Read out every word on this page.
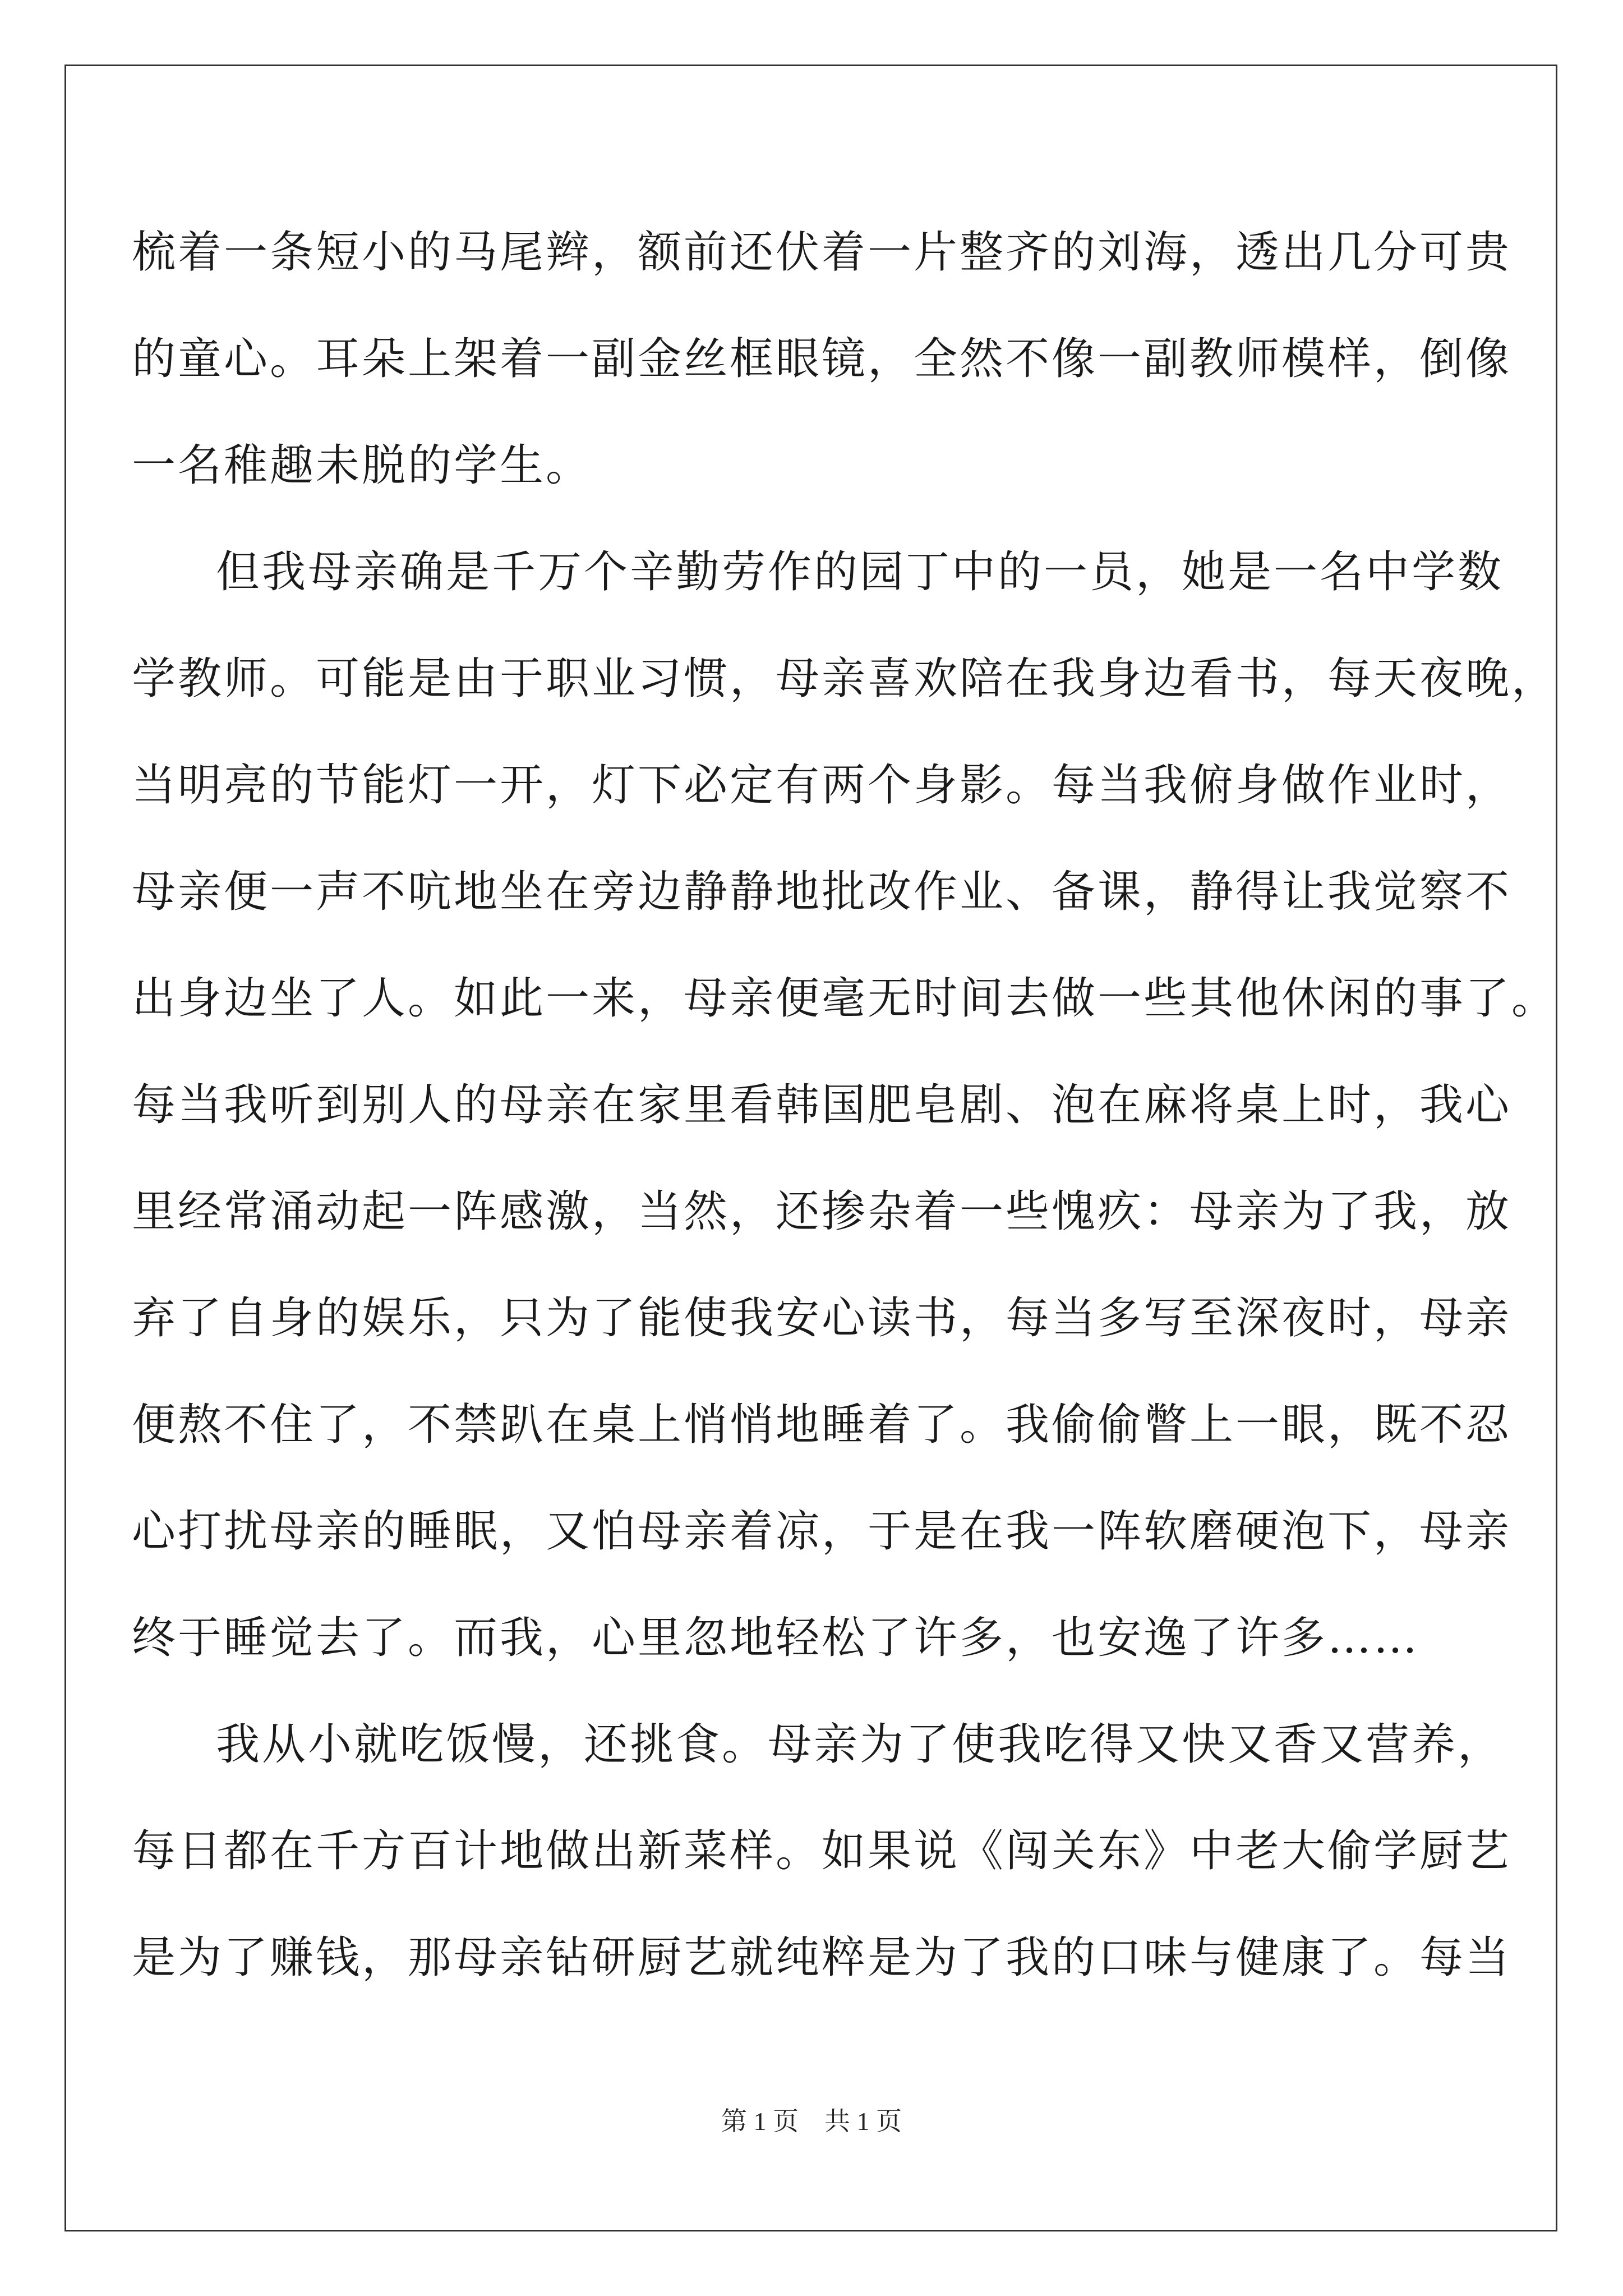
梳着一条短小的马尾辫，额前还伏着一片整齐的刘海，透出几分可贵
的童心。耳朵上架着一副金丝框眼镜，全然不像一副教师模样，倒像
一名稚趣未脱的学生。
但我母亲确是千万个辛勤劳作的园丁中的一员，她是一名中学数
学教师。可能是由于职业习惯，母亲喜欢陪在我身边看书，每天夜晚，
当明亮的节能灯一开，灯下必定有两个身影。每当我俯身做作业时，
母亲便一声不吭地坐在旁边静静地批改作业、备课，静得让我觉察不
出身边坐了人。如此一来，母亲便毫无时间去做一些其他休闲的事了。
每当我听到别人的母亲在家里看韩国肥皂剧、泡在麻将桌上时，我心
里经常涌动起一阵感激，当然，还掺杂着一些愧疚：母亲为了我，放
弃了自身的娱乐，只为了能使我安心读书，每当多写至深夜时，母亲
便熬不住了，不禁趴在桌上悄悄地睡着了。我偷偷瞥上一眼，既不忍
心打扰母亲的睡眠，又怕母亲着凉，于是在我一阵软磨硬泡下，母亲
终于睡觉去了。而我，心里忽地轻松了许多，也安逸了许多……
我从小就吃饭慢，还挑食。母亲为了使我吃得又快又香又营养，
每日都在千方百计地做出新菜样。如果说《闯关东》中老大偷学厨艺
是为了赚钱，那母亲钻研厨艺就纯粹是为了我的口味与健康了。每当
第 1 页 共 1 页
